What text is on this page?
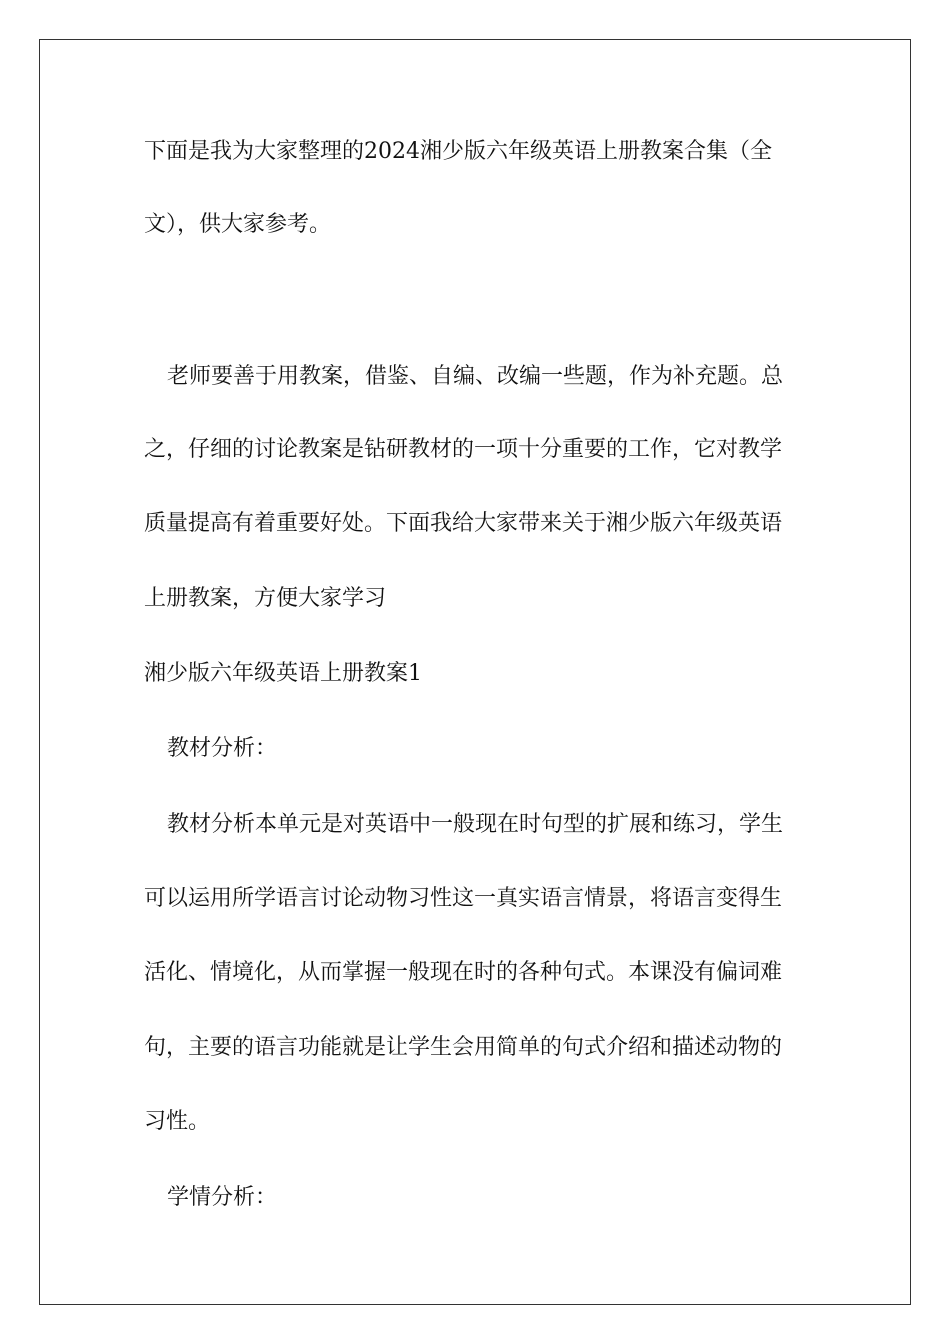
下面是我为大家整理的2024湘少版六年级英语上册教案合集（全
文），供大家参考。
老师要善于用教案，借鉴、自编、改编一些题，作为补充题。总
之，仔细的讨论教案是钻研教材的一项十分重要的工作，它对教学
质量提高有着重要好处。下面我给大家带来关于湘少版六年级英语
上册教案，方便大家学习
湘少版六年级英语上册教案1
教材分析：
教材分析本单元是对英语中一般现在时句型的扩展和练习，学生
可以运用所学语言讨论动物习性这一真实语言情景，将语言变得生
活化、情境化，从而掌握一般现在时的各种句式。本课没有偏词难
句，主要的语言功能就是让学生会用简单的句式介绍和描述动物的
习性。
学情分析：
